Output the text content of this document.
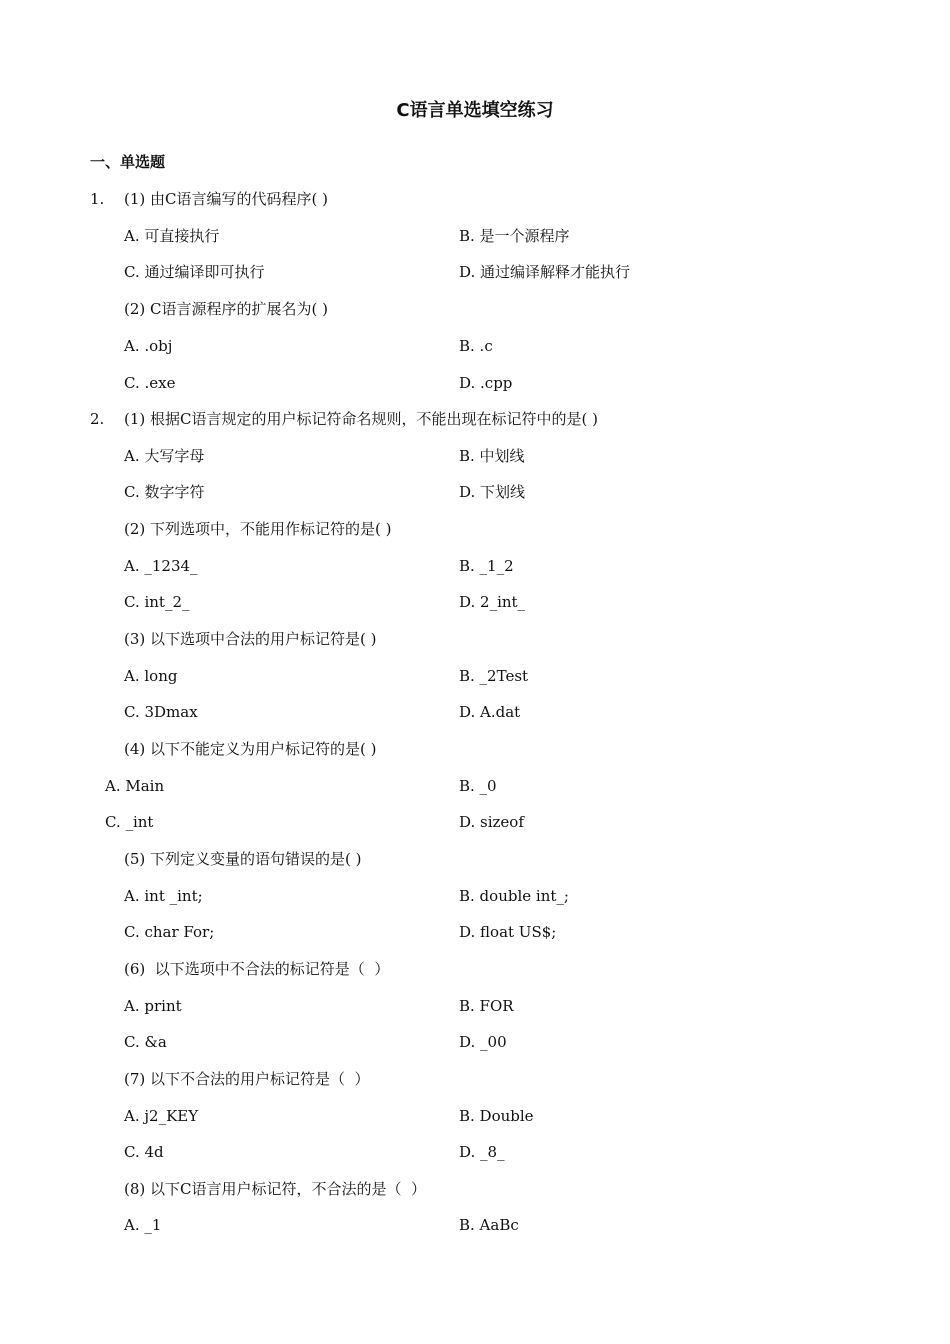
C语言单选填空练习
一、单选题
1. (1) 由C语言编写的代码程序( )
A. 可直接执行	B. 是一个源程序
C. 通过编译即可执行	D. 通过编译解释才能执行
(2) C语言源程序的扩展名为( )
A. .obj	B. .c
C. .exe	D. .cpp
2. (1) 根据C语言规定的用户标记符命名规则，不能出现在标记符中的是( )
A. 大写字母	B. 中划线
C. 数字字符	D. 下划线
(2) 下列选项中，不能用作标记符的是( )
A. _1234_	B. _1_2
C. int_2_	D. 2_int_
(3) 以下选项中合法的用户标记符是( )
A. long	B. _2Test
C. 3Dmax	D. A.dat
(4) 以下不能定义为用户标记符的是( )
A. Main	B. _0
C. _int	D. sizeof
(5) 下列定义变量的语句错误的是( )
A. int _int;	B. double int_;
C. char For;	D. float US$;
(6)  以下选项中不合法的标记符是（  ）
A. print	B. FOR
C. &a	D. _00
(7) 以下不合法的用户标记符是（  ）
A. j2_KEY	B. Double
C. 4d	D. _8_
(8) 以下C语言用户标记符，不合法的是（  ）
A. _1	B. AaBc
